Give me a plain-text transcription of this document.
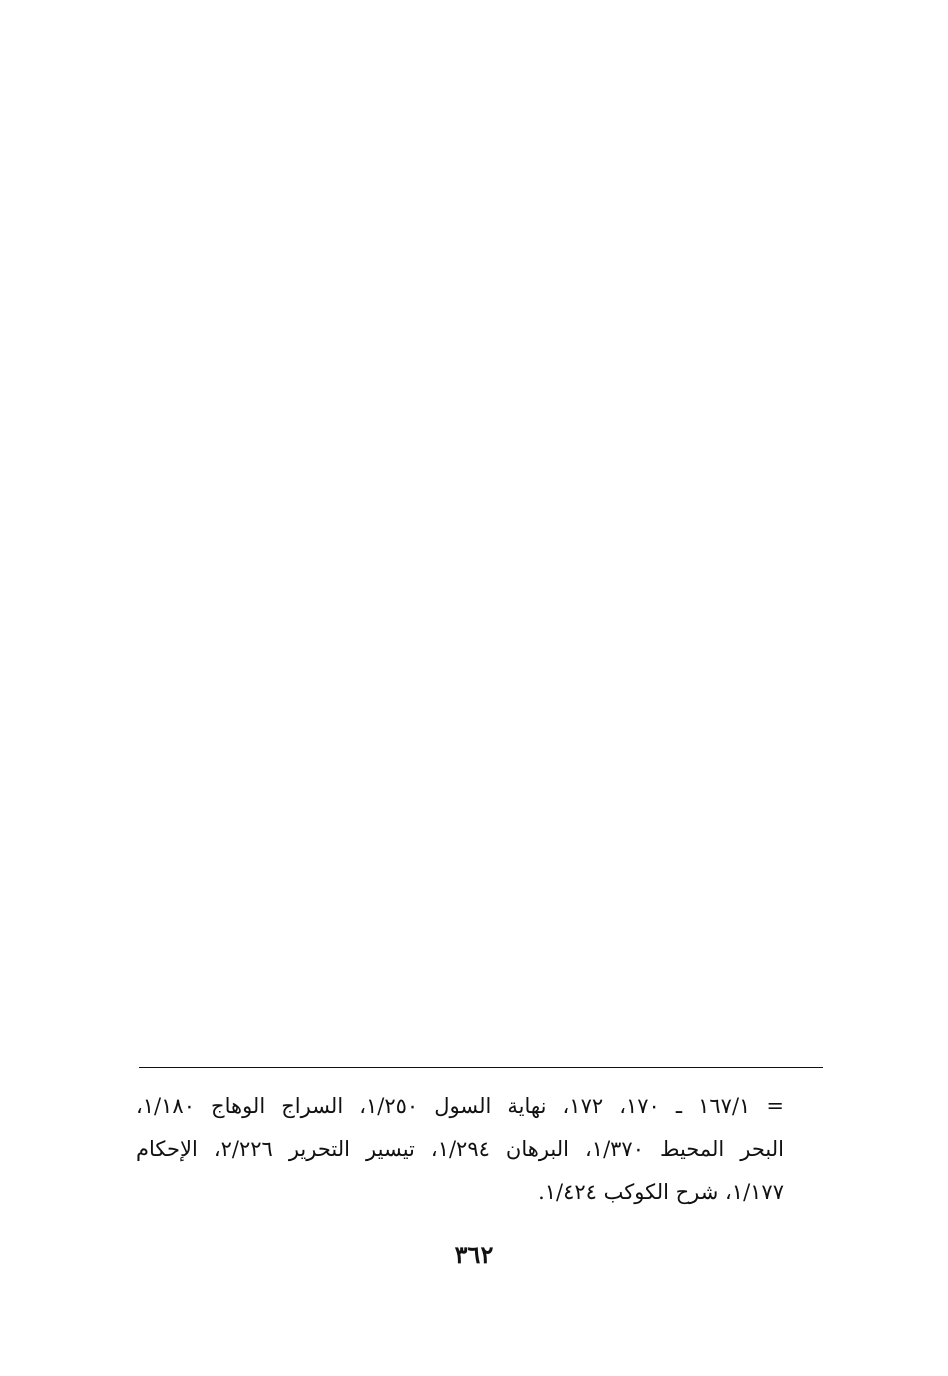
= ١٦٧/١ ـ ١٧٠، ١٧٢، نهاية السول ١/٢٥٠، السراج الوهاج ١/١٨٠،
البحر المحيط ١/٣٧٠، البرهان ١/٢٩٤، تيسير التحرير ٢/٢٢٦، الإحكام
١/١٧٧، شرح الكوكب ١/٤٢٤.
٣٦٢
